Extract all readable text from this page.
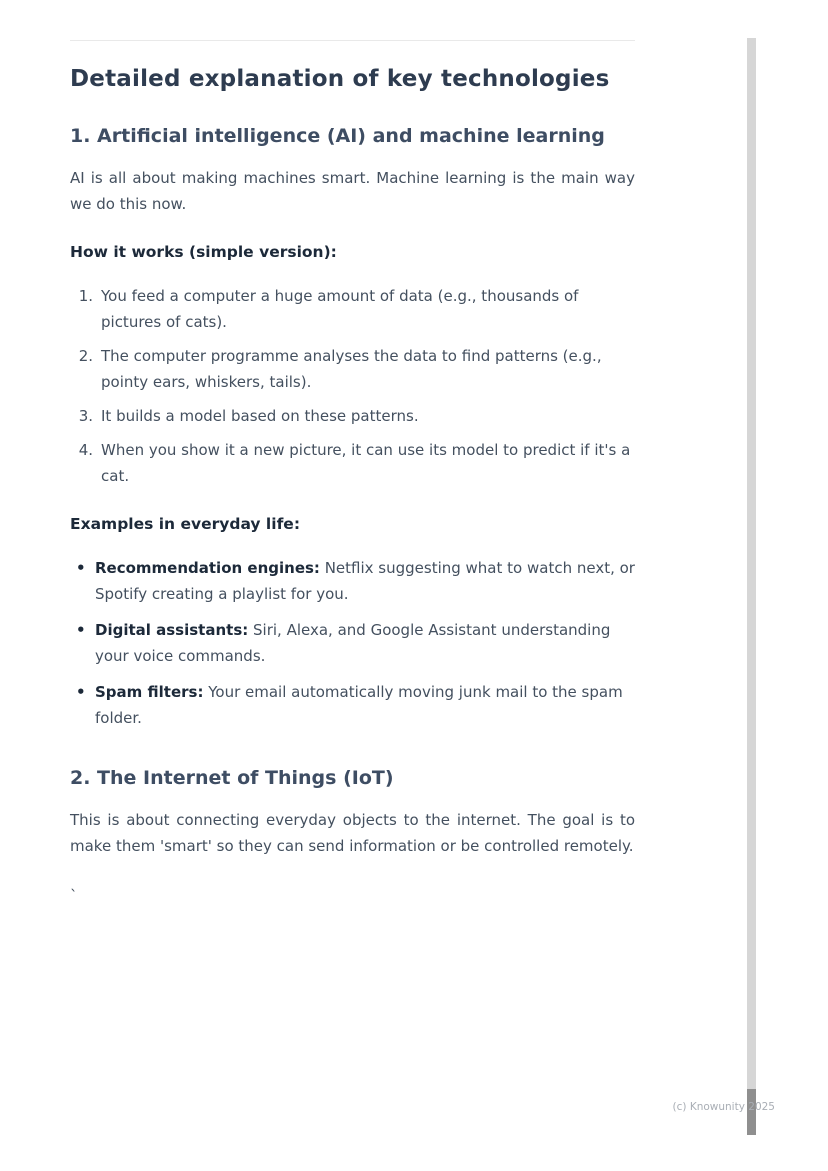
Detailed explanation of key technologies
1. Artificial intelligence (AI) and machine learning

AI is all about making machines smart. Machine learning is the main way we do this now.

How it works (simple version):
1. You feed a computer a huge amount of data (e.g., thousands of pictures of cats).
2. The computer programme analyses the data to find patterns (e.g., pointy ears, whiskers, tails).
3. It builds a model based on these patterns.
4. When you show it a new picture, it can use its model to predict if it's a cat.
Examples in everyday life:
• Recommendation engines: Netflix suggesting what to watch next, or Spotify creating a playlist for you.
• Digital assistants: Siri, Alexa, and Google Assistant understanding your voice commands.
• Spam filters: Your email automatically moving junk mail to the spam folder.
2. The Internet of Things (IoT)

This is about connecting everyday objects to the internet. The goal is to make them 'smart' so they can send information or be controlled remotely.

`
(c) Knowunity 2025
